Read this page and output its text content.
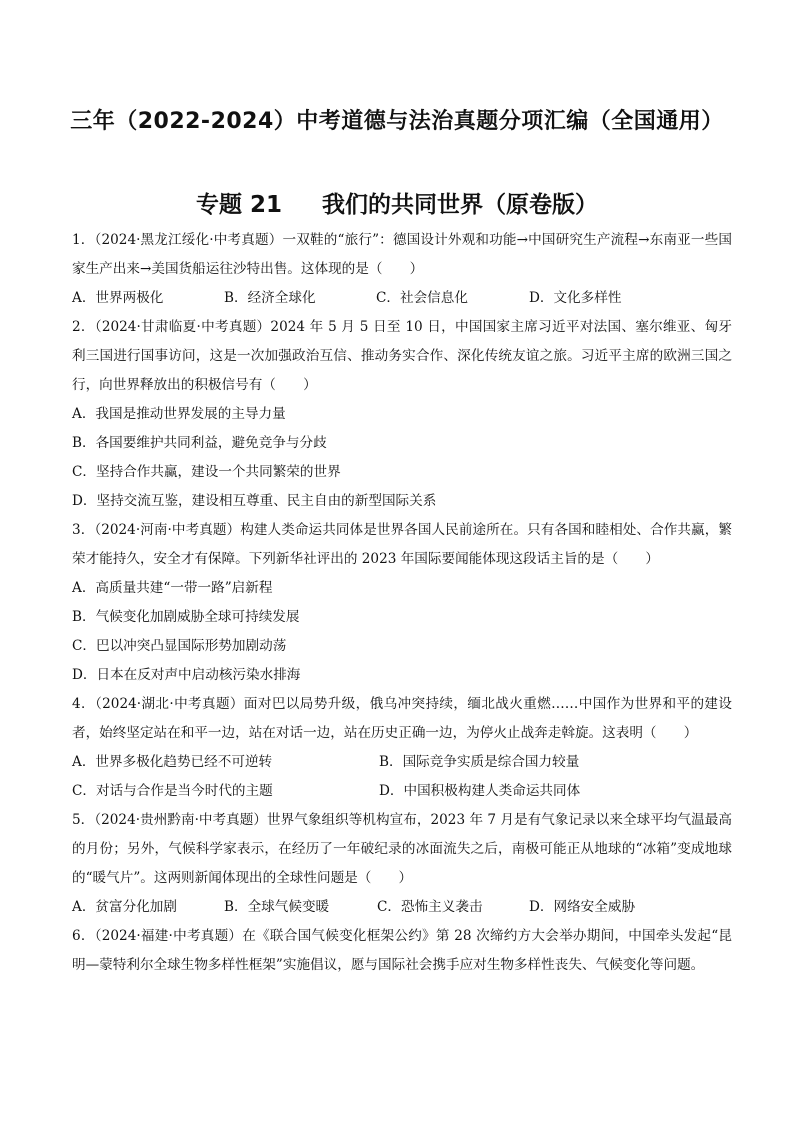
三年（2022-2024）中考道德与法治真题分项汇编（全国通用）
专题 21 我们的共同世界（原卷版）
1．（2024·黑龙江绥化·中考真题）一双鞋的“旅行”：德国设计外观和功能→中国研究生产流程→东南亚一些国家生产出来→美国货船运往沙特出售。这体现的是（　　）
A．世界两极化	B．经济全球化	C．社会信息化	D．文化多样性
2．（2024·甘肃临夏·中考真题）2024 年 5 月 5 日至 10 日，中国国家主席习近平对法国、塞尔维亚、匈牙利三国进行国事访问，这是一次加强政治互信、推动务实合作、深化传统友谊之旅。习近平主席的欧洲三国之行，向世界释放出的积极信号有（　　）
A．我国是推动世界发展的主导力量
B．各国要维护共同利益，避免竞争与分歧
C．坚持合作共赢，建设一个共同繁荣的世界
D．坚持交流互鉴，建设相互尊重、民主自由的新型国际关系
3．（2024·河南·中考真题）构建人类命运共同体是世界各国人民前途所在。只有各国和睦相处、合作共赢，繁荣才能持久，安全才有保障。下列新华社评出的 2023 年国际要闻能体现这段话主旨的是（　　）
A．高质量共建“一带一路”启新程
B．气候变化加剧威胁全球可持续发展
C．巴以冲突凸显国际形势加剧动荡
D．日本在反对声中启动核污染水排海
4．（2024·湖北·中考真题）面对巴以局势升级，俄乌冲突持续，缅北战火重燃……中国作为世界和平的建设者，始终坚定站在和平一边，站在对话一边，站在历史正确一边，为停火止战奔走斡旋。这表明（　　）
A．世界多极化趋势已经不可逆转	B．国际竞争实质是综合国力较量
C．对话与合作是当今时代的主题	D．中国积极构建人类命运共同体
5．（2024·贵州黔南·中考真题）世界气象组织等机构宣布，2023 年 7 月是有气象记录以来全球平均气温最高的月份；另外，气候科学家表示，在经历了一年破纪录的冰面流失之后，南极可能正从地球的“冰箱”变成地球的“暖气片”。这两则新闻体现出的全球性问题是（　　）
A．贫富分化加剧	B．全球气候变暖	C．恐怖主义袭击	D．网络安全威胁
6．（2024·福建·中考真题）在《联合国气候变化框架公约》第 28 次缔约方大会举办期间，中国牵头发起“昆明—蒙特利尔全球生物多样性框架”实施倡议，愿与国际社会携手应对生物多样性丧失、气候变化等问题。
